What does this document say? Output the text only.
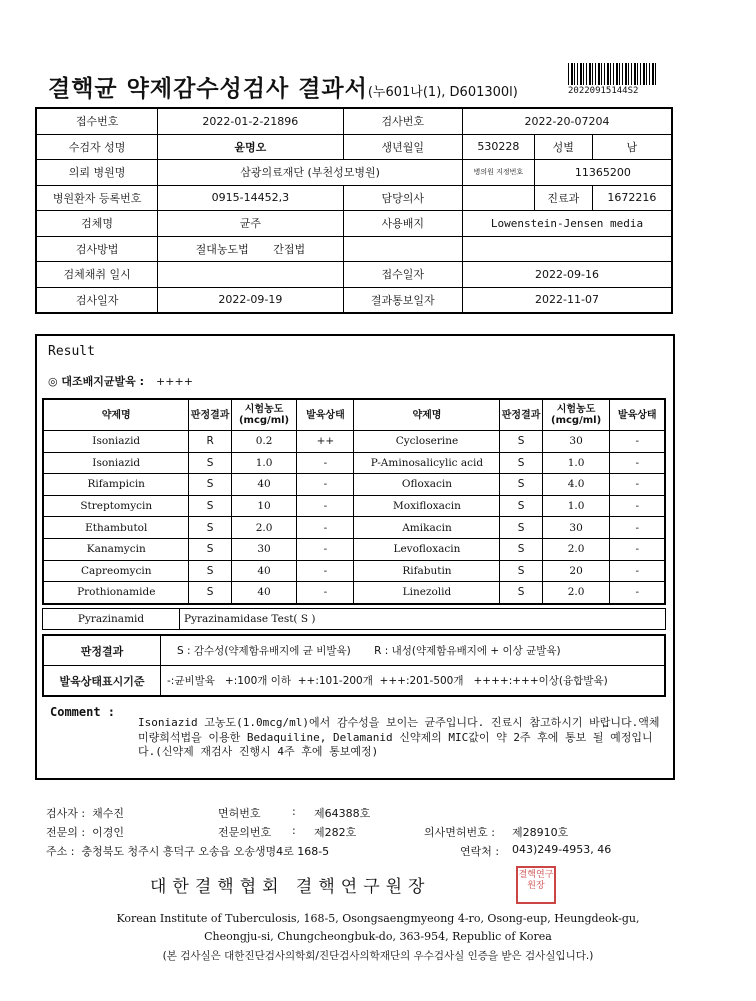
결핵균 약제감수성검사 결과서(누601나(1), D601300l)	20220915144S2
접수번호	2022-01-2-21896	검사번호	2022-20-07204		
수검자 성명	윤명오	생년월일	530228	성별	남
의뢰 병원명	삼광의료재단 (부천성모병원)		병의원 지정번호	11365200	
병원환자 등록번호	0915-14452,3	담당의사		진료과	1672216
검체명	균주	사용배지	Lowenstein-Jensen media		
검사방법	절대농도법 간접법				
검체채취 일시		접수일자	2022-09-16		
검사일자	2022-09-19	결과통보일자	2022-11-07		
Result
◎ 대조배지균발육 : ++++
약제명	판정결과	시험농도(mcg/ml)	발육상태	약제명	판정결과	시험농도(mcg/ml)	발육상태
Isoniazid	R	0.2	++	Cycloserine	S	30	-
Isoniazid	S	1.0	-	P-Aminosalicylic acid	S	1.0	-
Rifampicin	S	40	-	Ofloxacin	S	4.0	-
Streptomycin	S	10	-	Moxifloxacin	S	1.0	-
Ethambutol	S	2.0	-	Amikacin	S	30	-
Kanamycin	S	30	-	Levofloxacin	S	2.0	-
Capreomycin	S	40	-	Rifabutin	S	20	-
Prothionamide	S	40	-	Linezolid	S	2.0	-
Pyrazinamid	Pyrazinamidase Test( S )
판정결과	S : 감수성(약제함유배지에 균 비발육) R : 내성(약제함유배지에 + 이상 균발육)
발육상태표시기준	-:균비발육   +:100개 이하  ++:101-200개  +++:201-500개   ++++:+++이상(융합발육)
Comment :
Isoniazid 고농도(1.0mcg/ml)에서 감수성을 보이는 균주입니다. 진료시 참고하시기 바랍니다.액체미량희석법을 이용한 Bedaquiline, Delamanid 신약제의 MIC값이 약 2주 후에 통보 될 예정입니다.(신약제 재검사 진행시 4주 후에 통보예정)
검사자 : 채수진	면허번호	: 제64388호
전문의 : 이경인	전문의번호 : 제282호	의사면허번호 : 제28910호
주소 : 충청북도 청주시 흥덕구 오송읍 오송생명4로 168-5	연락처 : 043)249-4953, 46
대한결핵협회 결핵연구원장
결핵연구원장
Korean Institute of Tuberculosis, 168-5, Osongsaengmyeong 4-ro, Osong-eup, Heungdeok-gu,
Cheongju-si, Chungcheongbuk-do, 363-954, Republic of Korea
(본 검사실은 대한진단검사의학회/진단검사의학재단의 우수검사실 인증을 받은 검사실입니다.)
